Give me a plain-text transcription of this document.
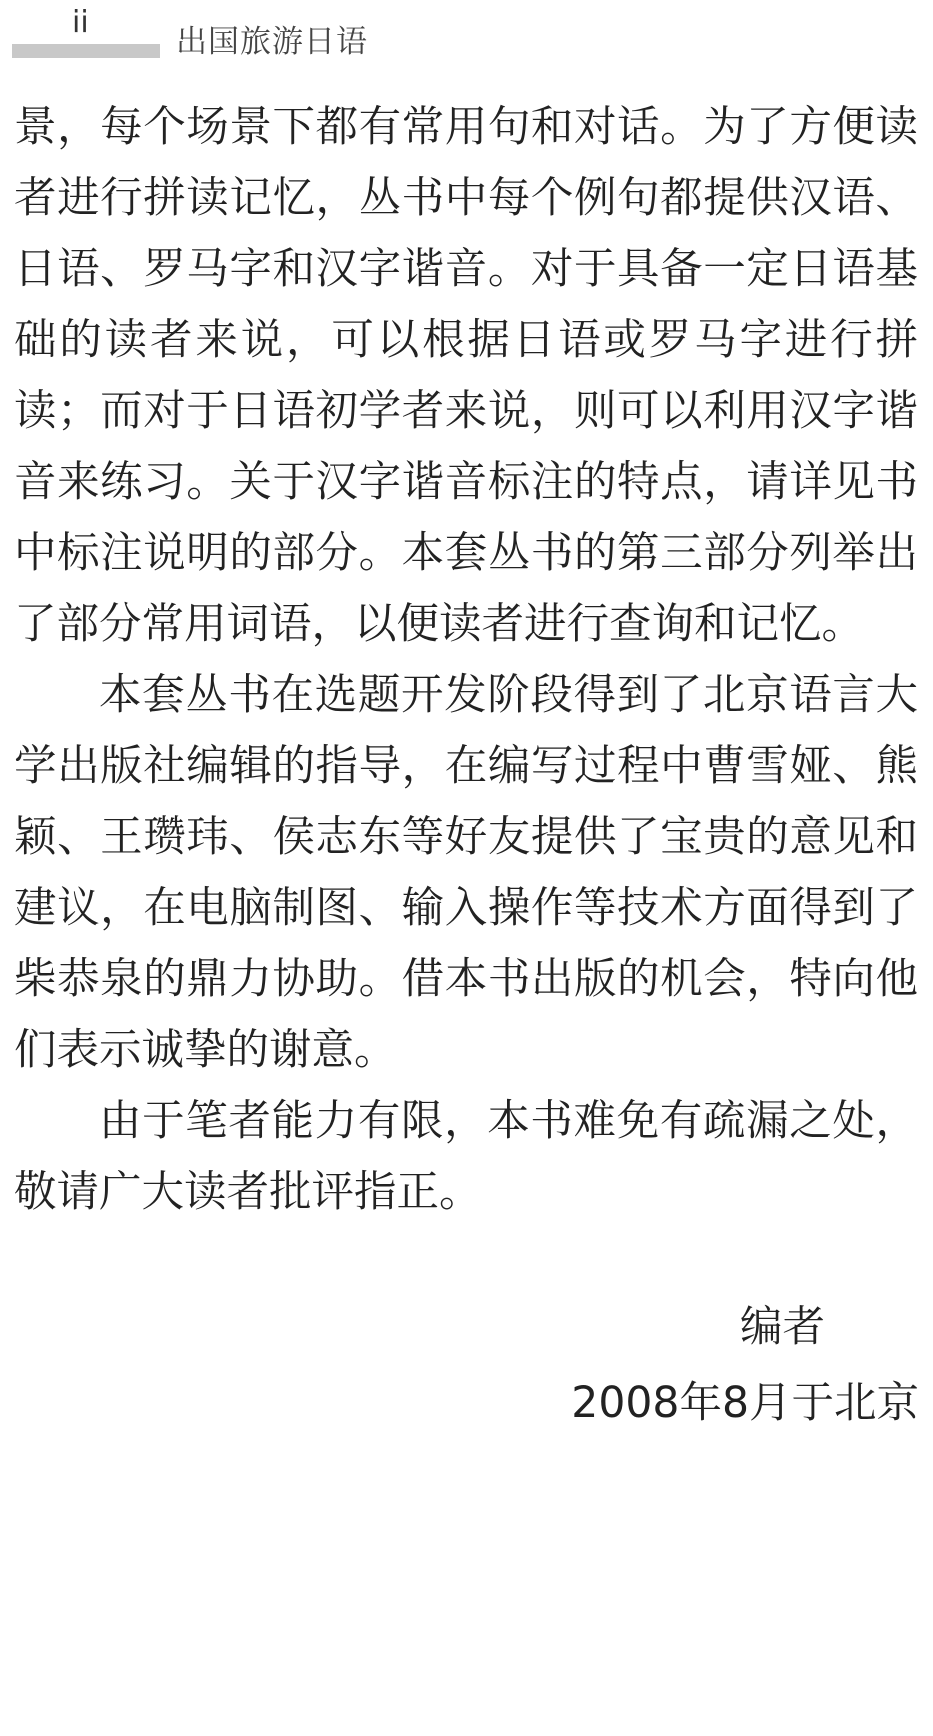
ii
出国旅游日语

景，每个场景下都有常用句和对话。为了方便读者进行拼读记忆，丛书中每个例句都提供汉语、日语、罗马字和汉字谐音。对于具备一定日语基础的读者来说，可以根据日语或罗马字进行拼读；而对于日语初学者来说，则可以利用汉字谐音来练习。关于汉字谐音标注的特点，请详见书中标注说明的部分。本套丛书的第三部分列举出了部分常用词语，以便读者进行查询和记忆。

本套丛书在选题开发阶段得到了北京语言大学出版社编辑的指导，在编写过程中曹雪娅、熊颖、王瓒玮、侯志东等好友提供了宝贵的意见和建议，在电脑制图、输入操作等技术方面得到了柴恭泉的鼎力协助。借本书出版的机会，特向他们表示诚挚的谢意。

由于笔者能力有限，本书难免有疏漏之处，敬请广大读者批评指正。

编者
2008年8月于北京
